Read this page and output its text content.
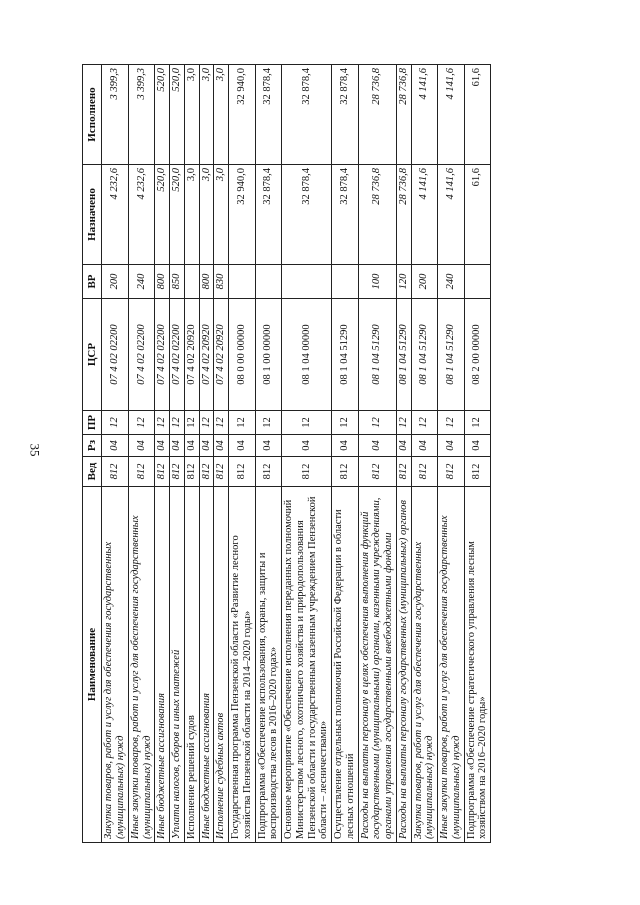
35
Наименование	Вед	Рз	ПР	ЦСР	ВР	Назначено	Исполнено
Закупка товаров, работ и услуг для обеспечения государственных (муниципальных) нужд	812	04	12	07 4 02 02200	200	4 232,6	3 399,3
Иные закупки товаров, работ и услуг для обеспечения государственных (муниципальных) нужд	812	04	12	07 4 02 02200	240	4 232,6	3 399,3
Иные бюджетные ассигнования	812	04	12	07 4 02 02200	800	520,0	520,0
Уплата налогов, сборов и иных платежей	812	04	12	07 4 02 02200	850	520,0	520,0
Исполнение решений судов	812	04	12	07 4 02 20920		3,0	3,0
Иные бюджетные ассигнования	812	04	12	07 4 02 20920	800	3,0	3,0
Исполнение судебных актов	812	04	12	07 4 02 20920	830	3,0	3,0
Государственная программа Пензенской области «Развитие лесного хозяйства Пензенской области на 2014–2020 годы»	812	04	12	08 0 00 00000		32 940,0	32 940,0
Подпрограмма «Обеспечение использования, охраны, защиты и воспроизводства лесов в 2016–2020 годах»	812	04	12	08 1 00 00000		32 878,4	32 878,4
Основное мероприятие «Обеспечение исполнения переданных полномочий Министерством лесного, охотничьего хозяйства и природопользования Пензенской области и государственным казенным учреждением Пензенской области – лесничествами»	812	04	12	08 1 04 00000		32 878,4	32 878,4
Осуществление отдельных полномочий Российской Федерации в области лесных отношений	812	04	12	08 1 04 51290		32 878,4	32 878,4
Расходы на выплаты персоналу в целях обеспечения выполнения функций государственными (муниципальными) органами, казенными учреждениями, органами управления государственными внебюджетными фондами	812	04	12	08 1 04 51290	100	28 736,8	28 736,8
Расходы на выплаты персоналу государственных (муниципальных) органов	812	04	12	08 1 04 51290	120	28 736,8	28 736,8
Закупка товаров, работ и услуг для обеспечения государственных (муниципальных) нужд	812	04	12	08 1 04 51290	200	4 141,6	4 141,6
Иные закупки товаров, работ и услуг для обеспечения государственных (муниципальных) нужд	812	04	12	08 1 04 51290	240	4 141,6	4 141,6
Подпрограмма «Обеспечение стратегического управления лесным хозяйством на 2016–2020 годы»	812	04	12	08 2 00 00000		61,6	61,6
